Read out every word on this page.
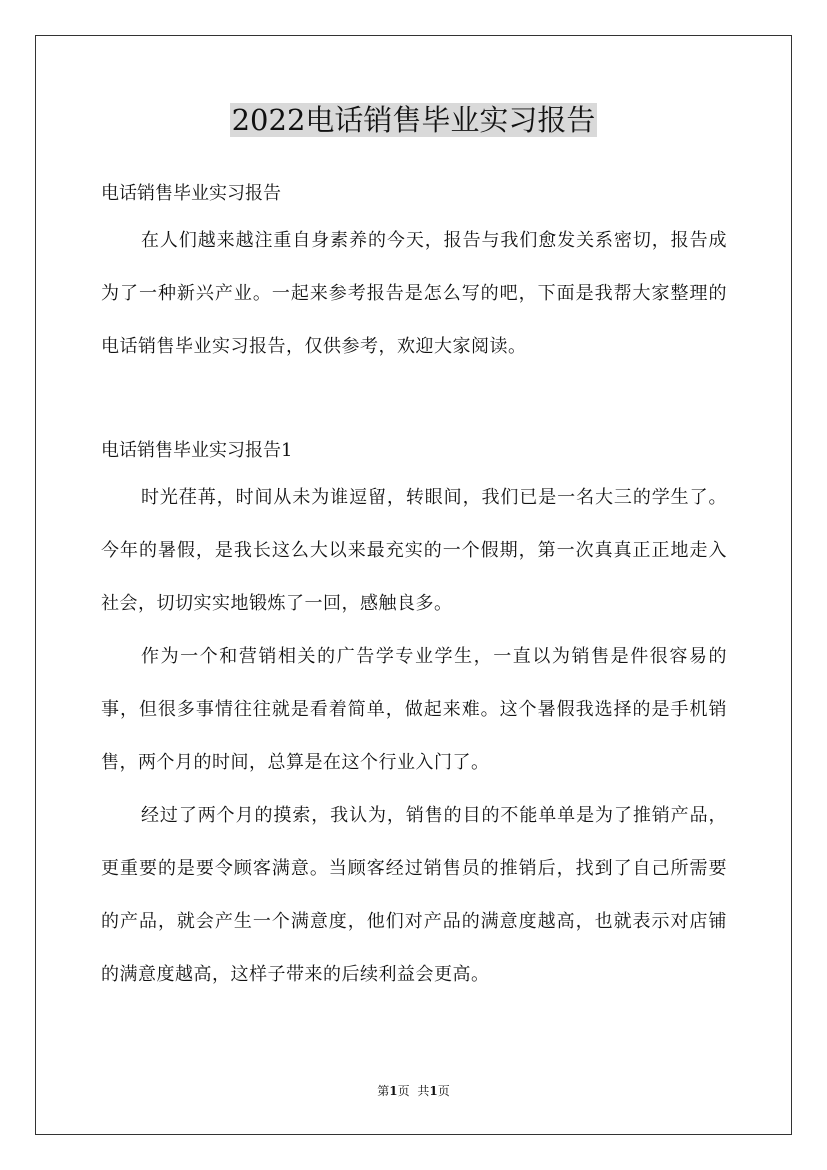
2022电话销售毕业实习报告

电话销售毕业实习报告

在人们越来越注重自身素养的今天，报告与我们愈发关系密切，报告成为了一种新兴产业。一起来参考报告是怎么写的吧，下面是我帮大家整理的电话销售毕业实习报告，仅供参考，欢迎大家阅读。

电话销售毕业实习报告1

时光荏苒，时间从未为谁逗留，转眼间，我们已是一名大三的学生了。今年的暑假，是我长这么大以来最充实的一个假期，第一次真真正正地走入社会，切切实实地锻炼了一回，感触良多。

作为一个和营销相关的广告学专业学生，一直以为销售是件很容易的事，但很多事情往往就是看着简单，做起来难。这个暑假我选择的是手机销售，两个月的时间，总算是在这个行业入门了。

经过了两个月的摸索，我认为，销售的目的不能单单是为了推销产品，更重要的是要令顾客满意。当顾客经过销售员的推销后，找到了自己所需要的产品，就会产生一个满意度，他们对产品的满意度越高，也就表示对店铺的满意度越高，这样子带来的后续利益会更高。

第1页 共1页
